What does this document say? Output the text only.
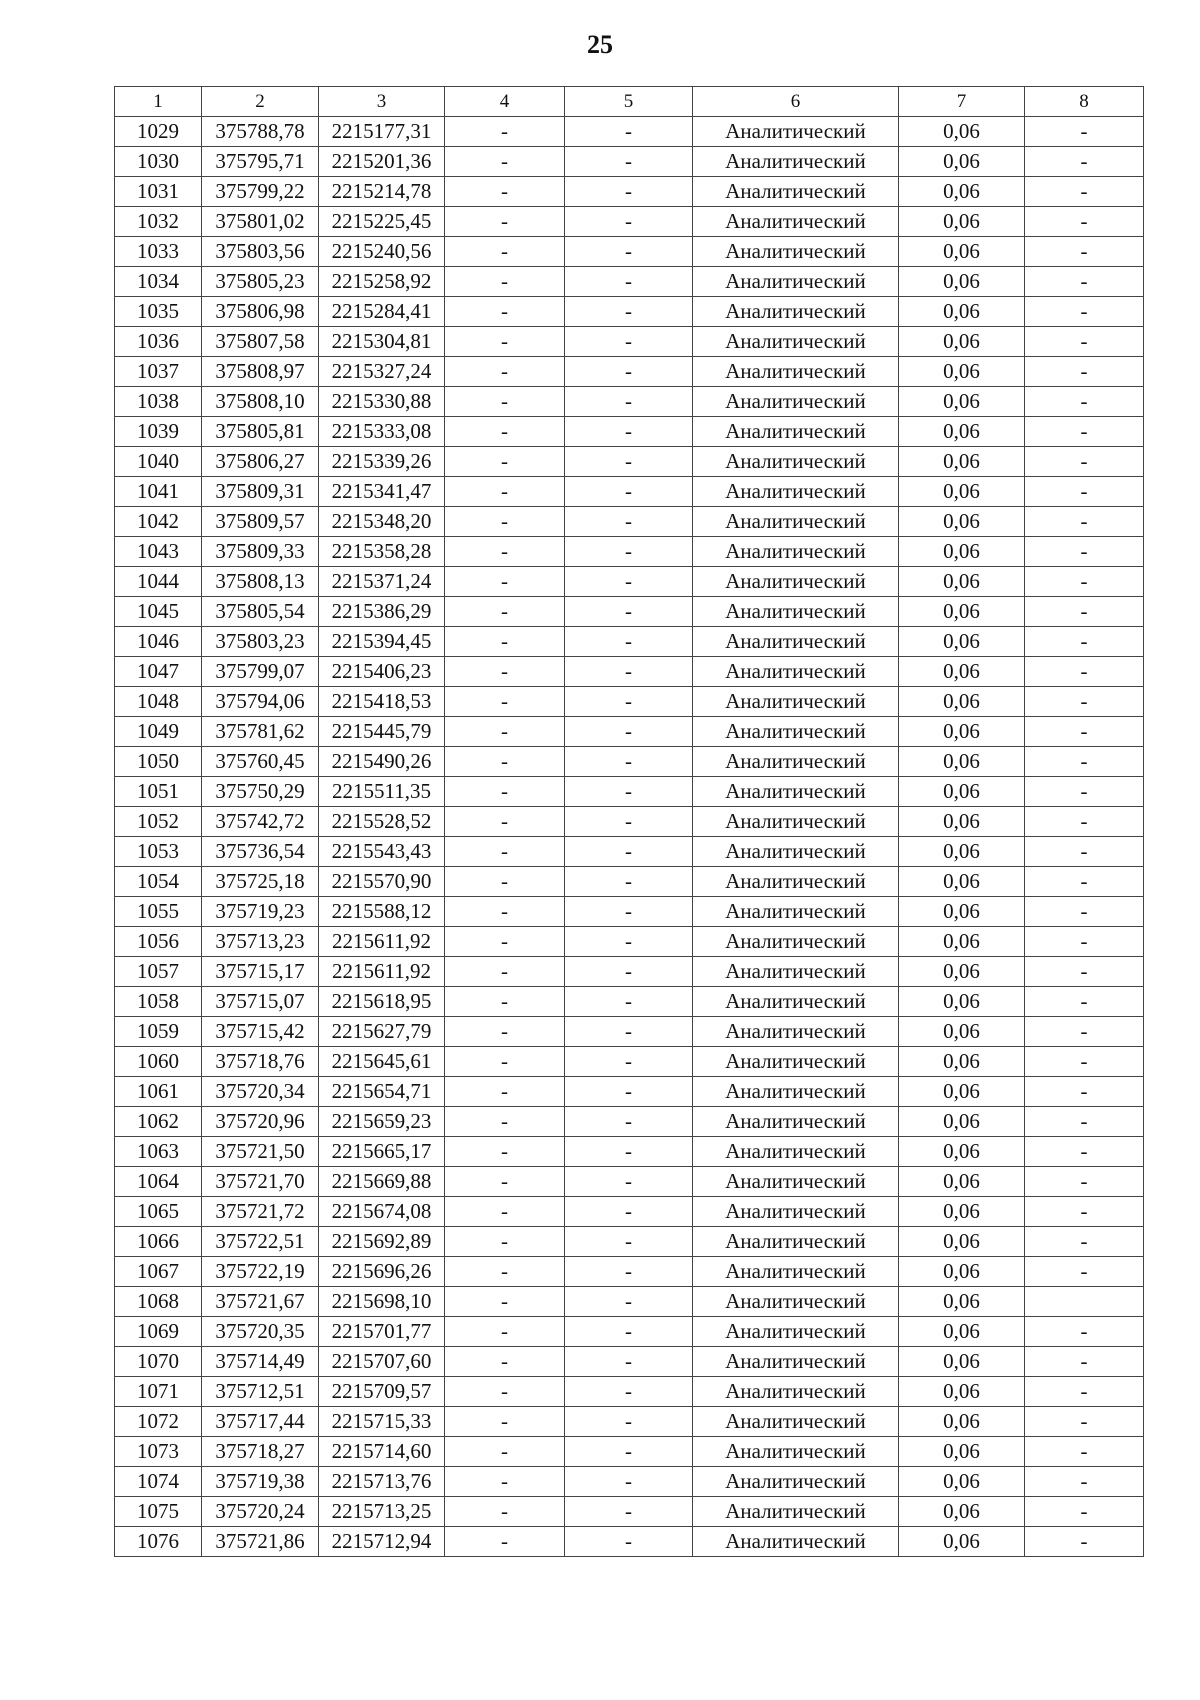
25
1	2	3	4	5	6	7	8
1029	375788,78	2215177,31	-	-	Аналитический	0,06	-
1030	375795,71	2215201,36	-	-	Аналитический	0,06	-
1031	375799,22	2215214,78	-	-	Аналитический	0,06	-
1032	375801,02	2215225,45	-	-	Аналитический	0,06	-
1033	375803,56	2215240,56	-	-	Аналитический	0,06	-
1034	375805,23	2215258,92	-	-	Аналитический	0,06	-
1035	375806,98	2215284,41	-	-	Аналитический	0,06	-
1036	375807,58	2215304,81	-	-	Аналитический	0,06	-
1037	375808,97	2215327,24	-	-	Аналитический	0,06	-
1038	375808,10	2215330,88	-	-	Аналитический	0,06	-
1039	375805,81	2215333,08	-	-	Аналитический	0,06	-
1040	375806,27	2215339,26	-	-	Аналитический	0,06	-
1041	375809,31	2215341,47	-	-	Аналитический	0,06	-
1042	375809,57	2215348,20	-	-	Аналитический	0,06	-
1043	375809,33	2215358,28	-	-	Аналитический	0,06	-
1044	375808,13	2215371,24	-	-	Аналитический	0,06	-
1045	375805,54	2215386,29	-	-	Аналитический	0,06	-
1046	375803,23	2215394,45	-	-	Аналитический	0,06	-
1047	375799,07	2215406,23	-	-	Аналитический	0,06	-
1048	375794,06	2215418,53	-	-	Аналитический	0,06	-
1049	375781,62	2215445,79	-	-	Аналитический	0,06	-
1050	375760,45	2215490,26	-	-	Аналитический	0,06	-
1051	375750,29	2215511,35	-	-	Аналитический	0,06	-
1052	375742,72	2215528,52	-	-	Аналитический	0,06	-
1053	375736,54	2215543,43	-	-	Аналитический	0,06	-
1054	375725,18	2215570,90	-	-	Аналитический	0,06	-
1055	375719,23	2215588,12	-	-	Аналитический	0,06	-
1056	375713,23	2215611,92	-	-	Аналитический	0,06	-
1057	375715,17	2215611,92	-	-	Аналитический	0,06	-
1058	375715,07	2215618,95	-	-	Аналитический	0,06	-
1059	375715,42	2215627,79	-	-	Аналитический	0,06	-
1060	375718,76	2215645,61	-	-	Аналитический	0,06	-
1061	375720,34	2215654,71	-	-	Аналитический	0,06	-
1062	375720,96	2215659,23	-	-	Аналитический	0,06	-
1063	375721,50	2215665,17	-	-	Аналитический	0,06	-
1064	375721,70	2215669,88	-	-	Аналитический	0,06	-
1065	375721,72	2215674,08	-	-	Аналитический	0,06	-
1066	375722,51	2215692,89	-	-	Аналитический	0,06	-
1067	375722,19	2215696,26	-	-	Аналитический	0,06	-
1068	375721,67	2215698,10	-	-	Аналитический	0,06	
1069	375720,35	2215701,77	-	-	Аналитический	0,06	-
1070	375714,49	2215707,60	-	-	Аналитический	0,06	-
1071	375712,51	2215709,57	-	-	Аналитический	0,06	-
1072	375717,44	2215715,33	-	-	Аналитический	0,06	-
1073	375718,27	2215714,60	-	-	Аналитический	0,06	-
1074	375719,38	2215713,76	-	-	Аналитический	0,06	-
1075	375720,24	2215713,25	-	-	Аналитический	0,06	-
1076	375721,86	2215712,94	-	-	Аналитический	0,06	-
